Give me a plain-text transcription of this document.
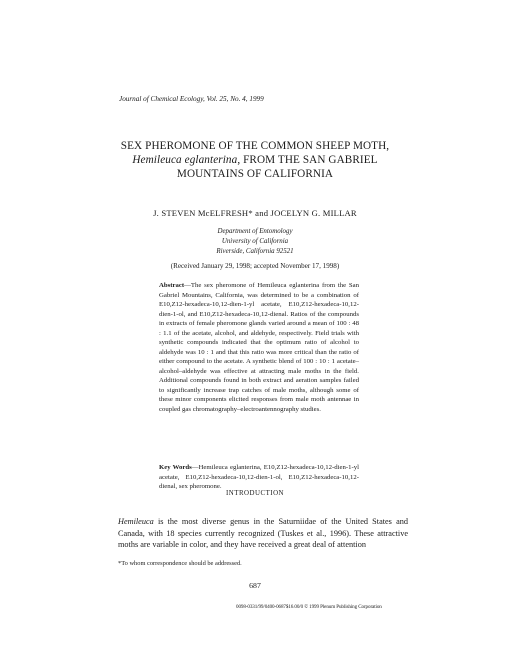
Journal of Chemical Ecology, Vol. 25, No. 4, 1999
SEX PHEROMONE OF THE COMMON SHEEP MOTH,
Hemileuca eglanterina, FROM THE SAN GABRIEL
MOUNTAINS OF CALIFORNIA
J. STEVEN McELFRESH* and JOCELYN G. MILLAR
Department of Entomology
University of California
Riverside, California 92521
(Received January 29, 1998; accepted November 17, 1998)
Abstract—The sex pheromone of Hemileuca eglanterina from the San Gabriel Mountains, California, was determined to be a combination of E10,Z12-hexadeca-10,12-dien-1-yl acetate, E10,Z12-hexadeca-10,12-dien-1-ol, and E10,Z12-hexadeca-10,12-dienal. Ratios of the compounds in extracts of female pheromone glands varied around a mean of 100 : 48 : 1.1 of the acetate, alcohol, and aldehyde, respectively. Field trials with synthetic compounds indicated that the optimum ratio of alcohol to aldehyde was 10 : 1 and that this ratio was more critical than the ratio of either compound to the acetate. A synthetic blend of 100 : 10 : 1 acetate–alcohol–aldehyde was effective at attracting male moths in the field. Additional compounds found in both extract and aeration samples failed to significantly increase trap catches of male moths, although some of these minor components elicited responses from male moth antennae in coupled gas chromatography–electroantennography studies.
Key Words—Hemileuca eglanterina, E10,Z12-hexadeca-10,12-dien-1-yl acetate, E10,Z12-hexadeca-10,12-dien-1-ol, E10,Z12-hexadeca-10,12-dienal, sex pheromone.
INTRODUCTION
Hemileuca is the most diverse genus in the Saturniidae of the United States and Canada, with 18 species currently recognized (Tuskes et al., 1996). These attractive moths are variable in color, and they have received a great deal of attention
*To whom correspondence should be addressed.
687
0098-0331/99/0400-0687$16.00/0 © 1999 Plenum Publishing Corporation
